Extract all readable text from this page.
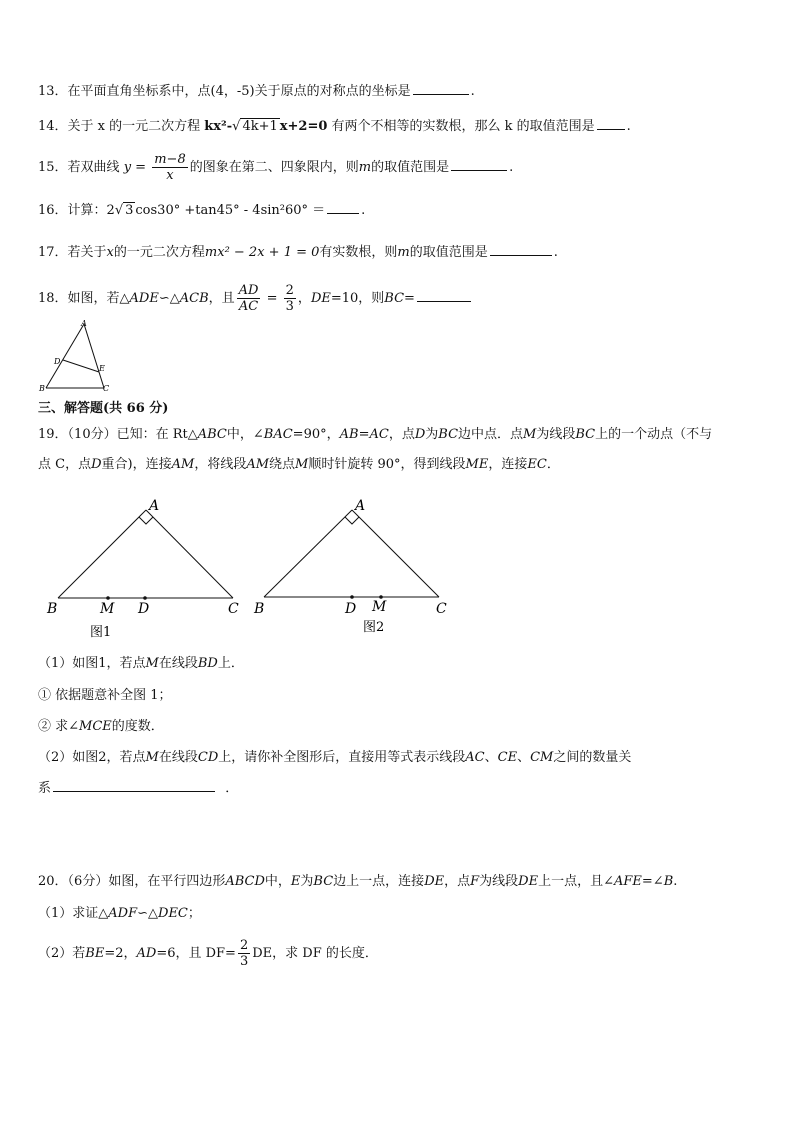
13．在平面直角坐标系中，点(4，-5)关于原点的对称点的坐标是	.
14．关于 x 的一元二次方程 kx²-√ 4k+1 x+2=0 有两个不相等的实数根，那么 k 的取值范围是 .
15．若双曲线 $y = \frac{m-8}{x}$ 的图象在第二、四象限内，则m的取值范围是	.
16．计算：2√ 3 cos30° +tan45° - 4sin²60° ＝	.
17．若关于x的一元二次方程mx² − 2x + 1 = 0有实数根，则m的取值范围是	.
18．如图，若△ADE∽△ACB，且 $\frac{AD}{AC} = \frac{2}{3}$ ，DE=10，则BC=
A
D
E
B	C
三、解答题(共 66 分)
19．（10分）已知：在 Rt△ABC中，∠BAC=90°，AB=AC，点D为BC边中点．点M为线段BC上的一个动点（不与
点 C，点D重合)，连接AM，将线段AM绕点M顺时针旋转 90°，得到线段ME，连接EC．
A
B	M D	C
图1
A
B	D M	C
图2
（1）如图1，若点M在线段BD上．
① 依据题意补全图 1；
② 求∠MCE的度数．
（2）如图2，若点M在线段CD上，请你补全图形后，直接用等式表示线段AC、CE、CM之间的数量关
系	．
20．（6分）如图，在平行四边形ABCD中，E为BC边上一点，连接DE，点F为线段DE上一点，且∠AFE=∠B.
（1）求证△ADF∽△DEC；
（2）若BE=2，AD=6，且 $DF= \frac{2}{3}$ DE，求 DF 的长度．
